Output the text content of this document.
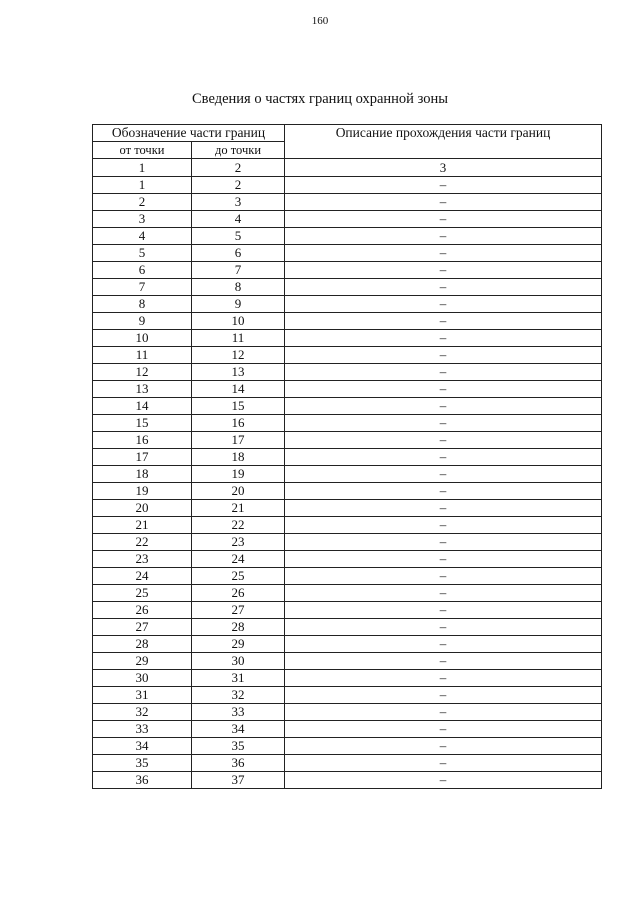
160
Сведения о частях границ охранной зоны
Обозначение части границ		Описание прохождения части границ
от точки	до точки	
1	2	3
1	2	–
2	3	–
3	4	–
4	5	–
5	6	–
6	7	–
7	8	–
8	9	–
9	10	–
10	11	–
11	12	–
12	13	–
13	14	–
14	15	–
15	16	–
16	17	–
17	18	–
18	19	–
19	20	–
20	21	–
21	22	–
22	23	–
23	24	–
24	25	–
25	26	–
26	27	–
27	28	–
28	29	–
29	30	–
30	31	–
31	32	–
32	33	–
33	34	–
34	35	–
35	36	–
36	37	–
